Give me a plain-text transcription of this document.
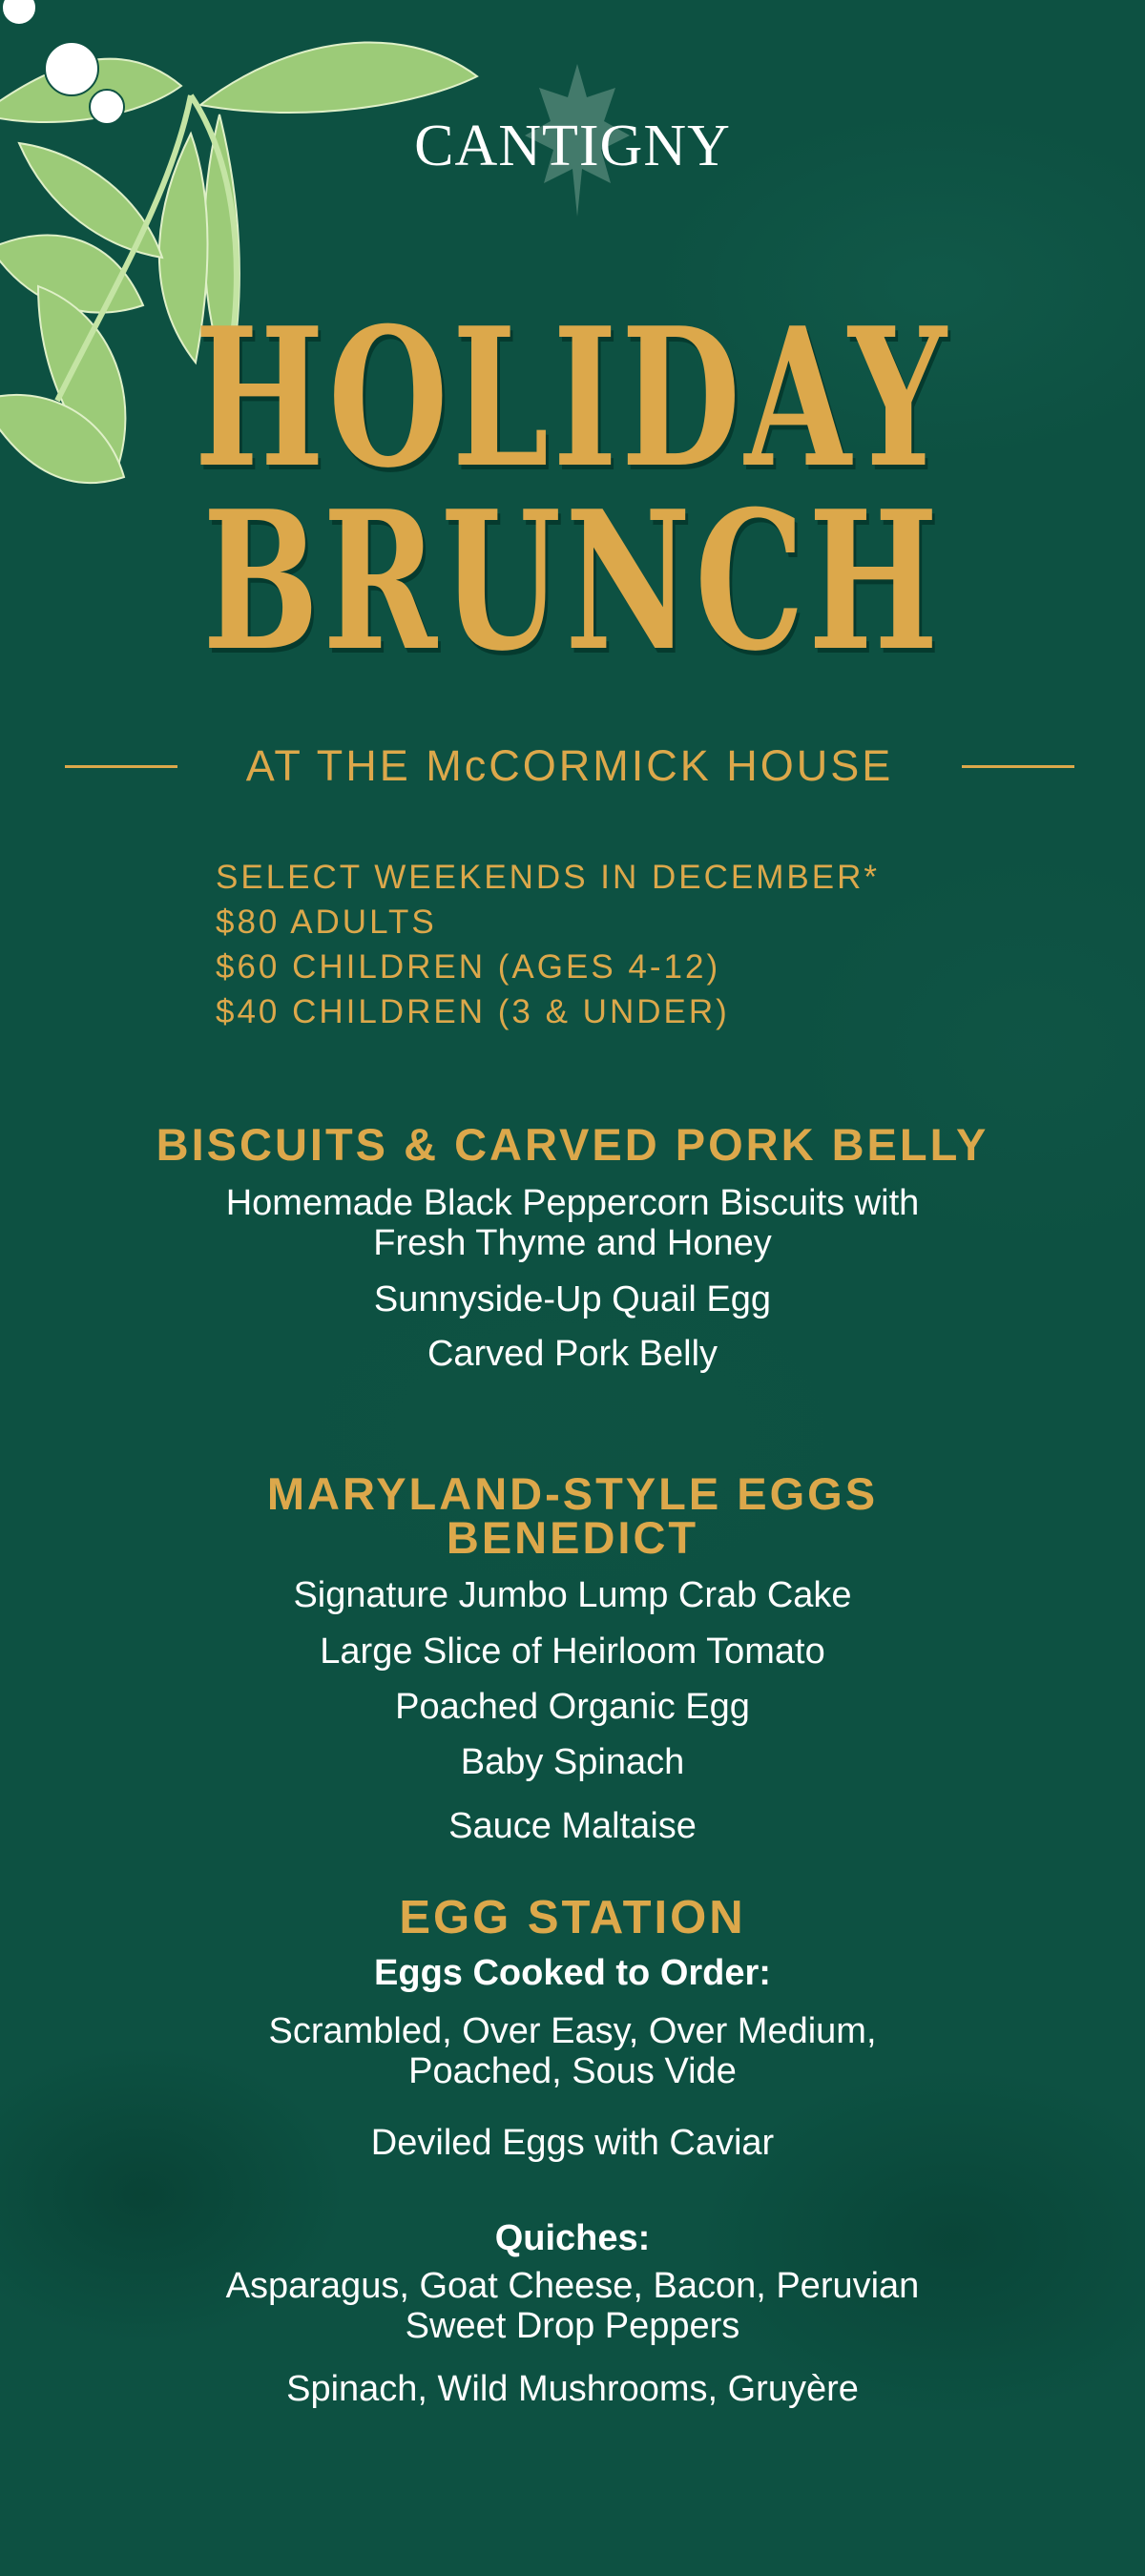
CANTIGNY
HOLIDAY
BRUNCH
AT THE McCORMICK HOUSE
SELECT WEEKENDS IN DECEMBER*
$80 ADULTS
$60 CHILDREN (AGES 4-12)
$40 CHILDREN (3 & UNDER)
BISCUITS & CARVED PORK BELLY
Homemade Black Peppercorn Biscuits with
Fresh Thyme and Honey
Sunnyside-Up Quail Egg
Carved Pork Belly
MARYLAND-STYLE EGGS
BENEDICT
Signature Jumbo Lump Crab Cake
Large Slice of Heirloom Tomato
Poached Organic Egg
Baby Spinach
Sauce Maltaise
EGG STATION
Eggs Cooked to Order:
Scrambled, Over Easy, Over Medium,
Poached, Sous Vide
Deviled Eggs with Caviar
Quiches:
Asparagus, Goat Cheese, Bacon, Peruvian
Sweet Drop Peppers
Spinach, Wild Mushrooms, Gruyère
